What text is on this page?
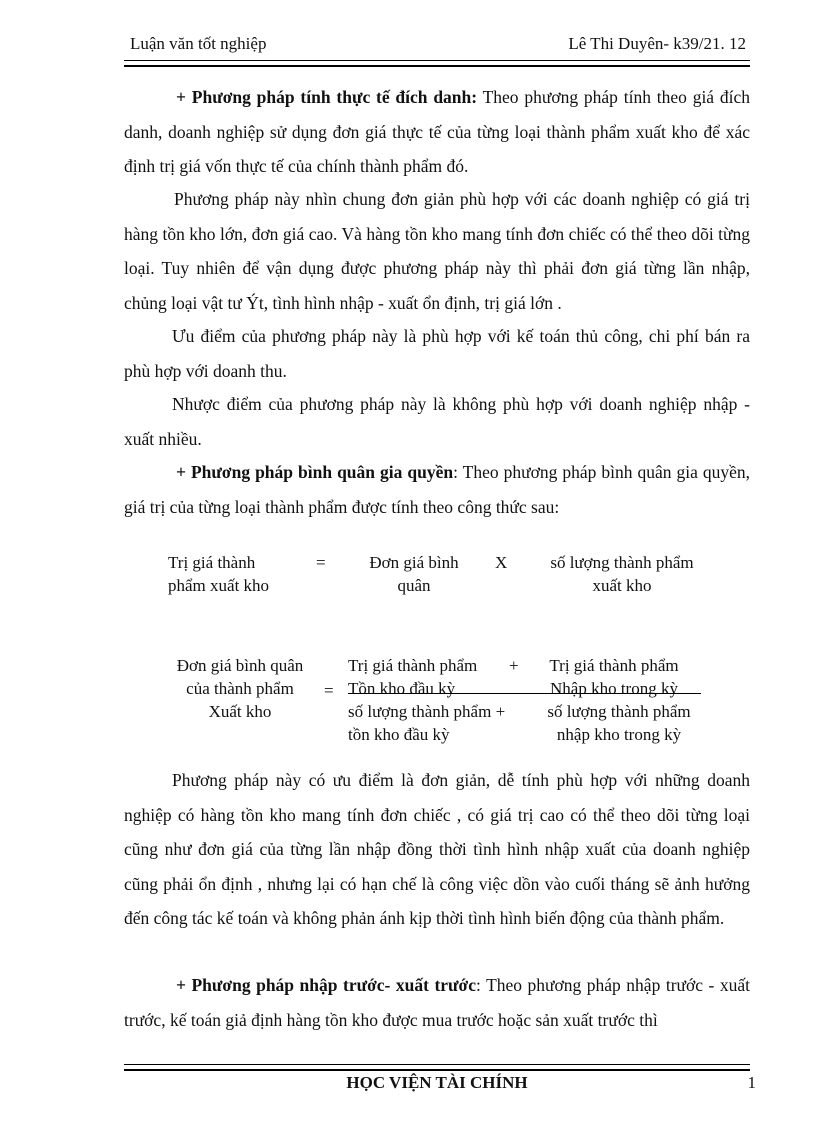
Luận văn tốt nghiệp	Lê Thi Duyên- k39/21. 12

+ Phương pháp tính thực tế đích danh: Theo phương pháp tính theo giá đích danh, doanh nghiệp sử dụng đơn giá thực tế của từng loại thành phẩm xuất kho để xác định trị giá vốn thực tế của chính thành phẩm đó.

Phương pháp này nhìn chung đơn giản phù hợp với các doanh nghiệp có giá trị hàng tồn kho lớn, đơn giá cao. Và hàng tồn kho mang tính đơn chiếc có thể theo dõi từng loại. Tuy nhiên để vận dụng được phương pháp này thì phải đơn giá từng lần nhập, chủng loại vật tư Ýt, tình hình nhập - xuất ổn định, trị giá lớn .

Ưu điểm của phương pháp này là phù hợp với kế toán thủ công, chi phí bán ra phù hợp với doanh thu.

Nhược điểm của phương pháp này là không phù hợp với doanh nghiệp nhập - xuất nhiều.

+ Phương pháp bình quân gia quyền: Theo phương pháp bình quân gia quyền, giá trị của từng loại thành phẩm được tính theo công thức sau:

Trị giá thành
phẩm xuất kho
=	Đơn giá bình
quân
X	số lượng thành phẩm
xuất kho
Đơn giá bình quân
của thành phẩm
Xuất kho
=
Trị giá thành phẩm
Tồn kho đầu kỳ
+	Trị giá thành phẩm
Nhập kho trong kỳ
số lượng thành phẩm +
tồn kho đầu kỳ
số lượng thành phẩm
nhập kho trong kỳ

Phương pháp này có ưu điểm là đơn giản, dễ tính phù hợp với những doanh nghiệp có hàng tồn kho mang tính đơn chiếc , có giá trị cao có thể theo dõi từng loại cũng như đơn giá của từng lần nhập đồng thời tình hình nhập xuất của doanh nghiệp cũng phải ổn định , nhưng lại có hạn chế là công việc dồn vào cuối tháng sẽ ảnh hưởng đến công tác kế toán và không phản ánh kịp thời tình hình biến động của thành phẩm.

+ Phương pháp nhập trước- xuất trước: Theo phương pháp nhập trước - xuất trước, kế toán giả định hàng tồn kho được mua trước hoặc sản xuất trước thì

HỌC VIỆN TÀI CHÍNH	1
